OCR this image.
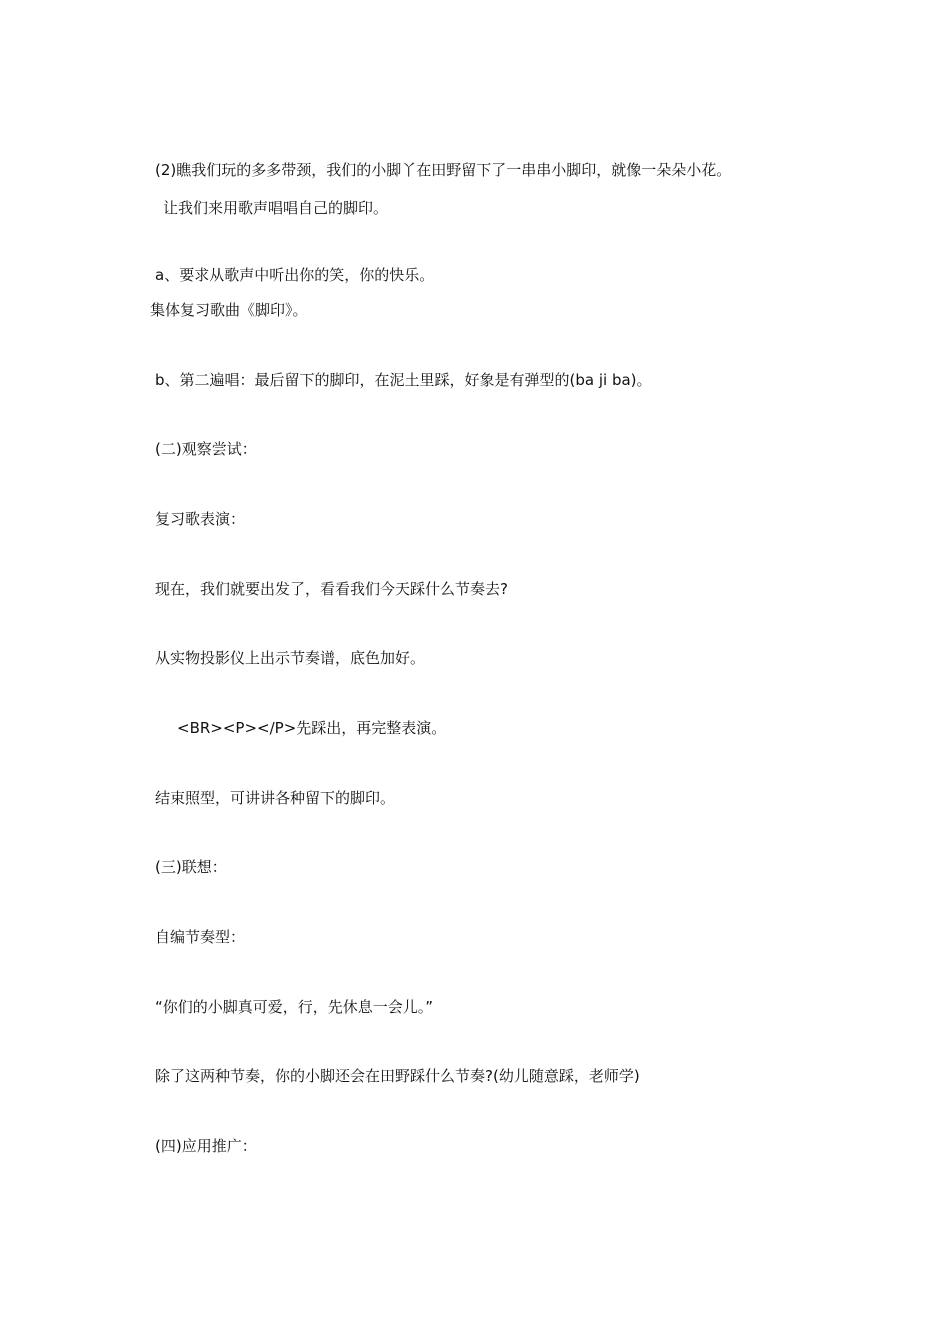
(2)瞧我们玩的多多带颈，我们的小脚丫在田野留下了一串串小脚印，就像一朵朵小花。
让我们来用歌声唱唱自己的脚印。
a、要求从歌声中听出你的笑，你的快乐。
集体复习歌曲《脚印》。
b、第二遍唱：最后留下的脚印，在泥土里踩，好象是有弹型的(ba ji ba)。
(二)观察尝试：
复习歌表演：
现在，我们就要出发了，看看我们今天踩什么节奏去?
从实物投影仪上出示节奏谱，底色加好。
<BR><P></P>先踩出，再完整表演。
结束照型，可讲讲各种留下的脚印。
(三)联想：
自编节奏型：
“你们的小脚真可爱，行，先休息一会儿。”
除了这两种节奏，你的小脚还会在田野踩什么节奏?(幼儿随意踩，老师学)
(四)应用推广：
